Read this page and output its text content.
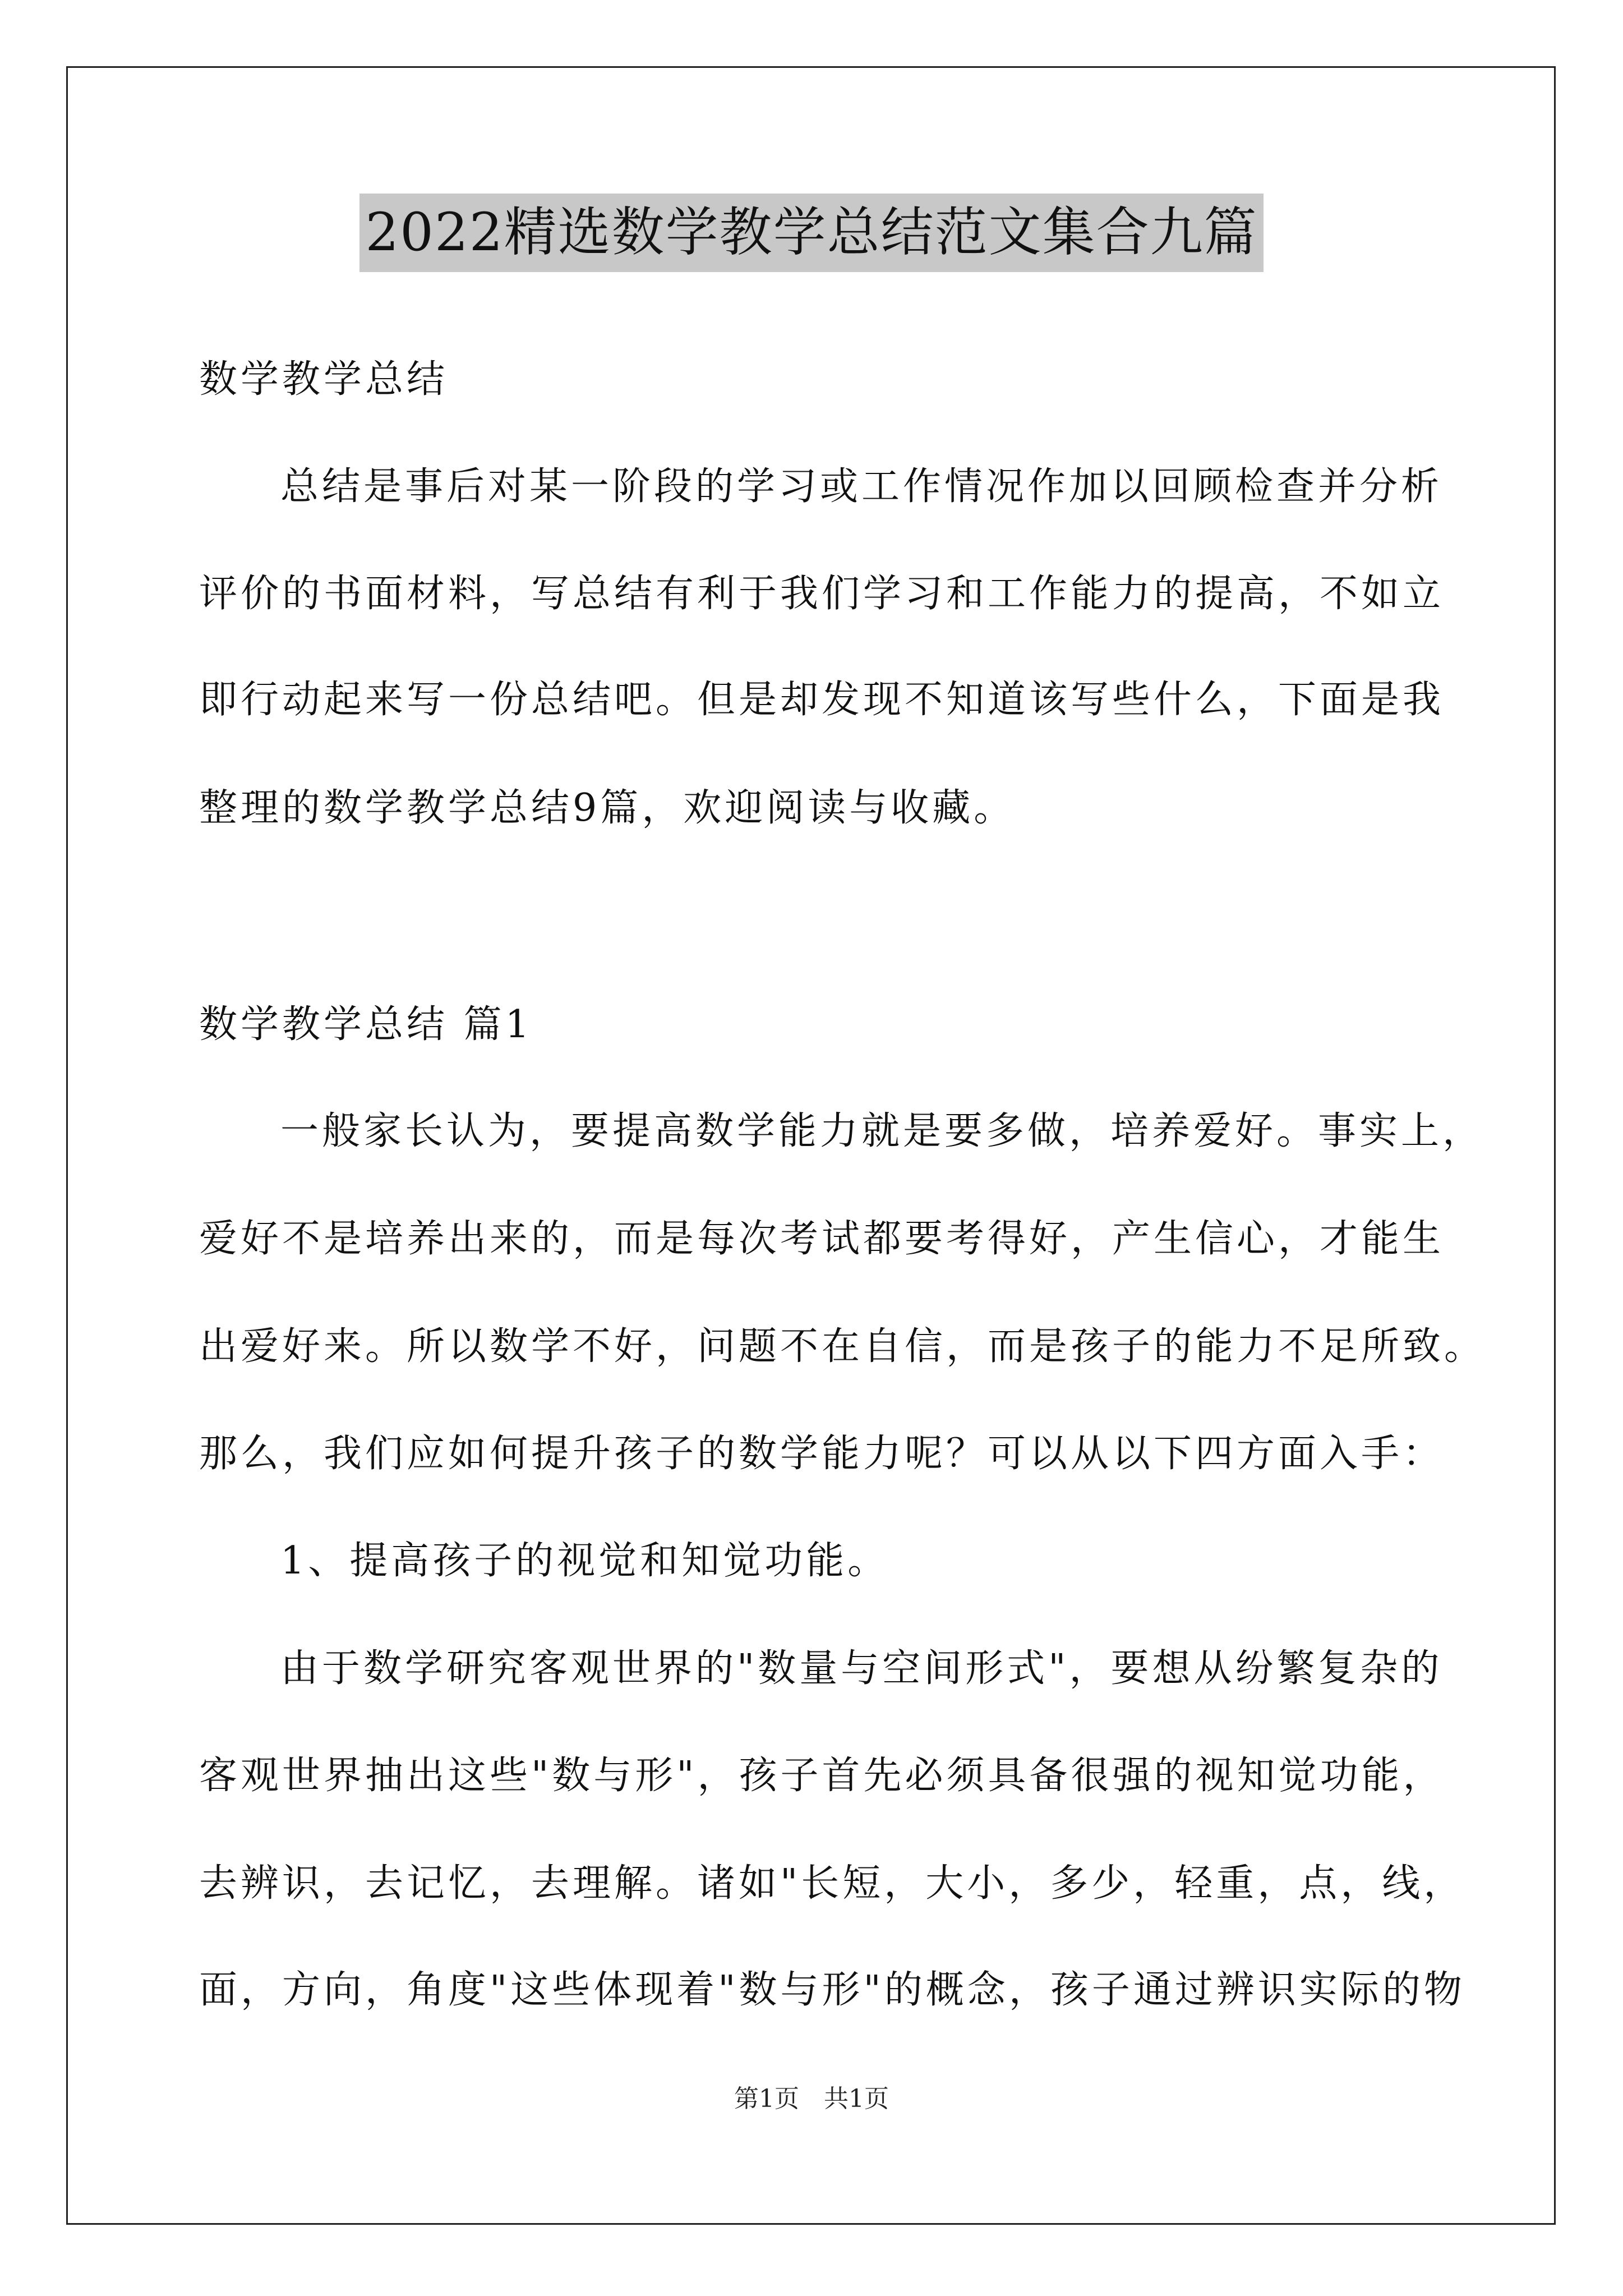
2022精选数学教学总结范文集合九篇
数学教学总结
总结是事后对某一阶段的学习或工作情况作加以回顾检查并分析
评价的书面材料，写总结有利于我们学习和工作能力的提高，不如立
即行动起来写一份总结吧。但是却发现不知道该写些什么，下面是我
整理的数学教学总结9篇，欢迎阅读与收藏。
数学教学总结 篇1
一般家长认为，要提高数学能力就是要多做，培养爱好。事实上，
爱好不是培养出来的，而是每次考试都要考得好，产生信心，才能生
出爱好来。所以数学不好，问题不在自信，而是孩子的能力不足所致。
那么，我们应如何提升孩子的数学能力呢？可以从以下四方面入手：
1、提高孩子的视觉和知觉功能。
由于数学研究客观世界的"数量与空间形式"，要想从纷繁复杂的
客观世界抽出这些"数与形"，孩子首先必须具备很强的视知觉功能，
去辨识，去记忆，去理解。诸如"长短，大小，多少，轻重，点，线，
面，方向，角度"这些体现着"数与形"的概念，孩子通过辨识实际的物
第1页　共1页
